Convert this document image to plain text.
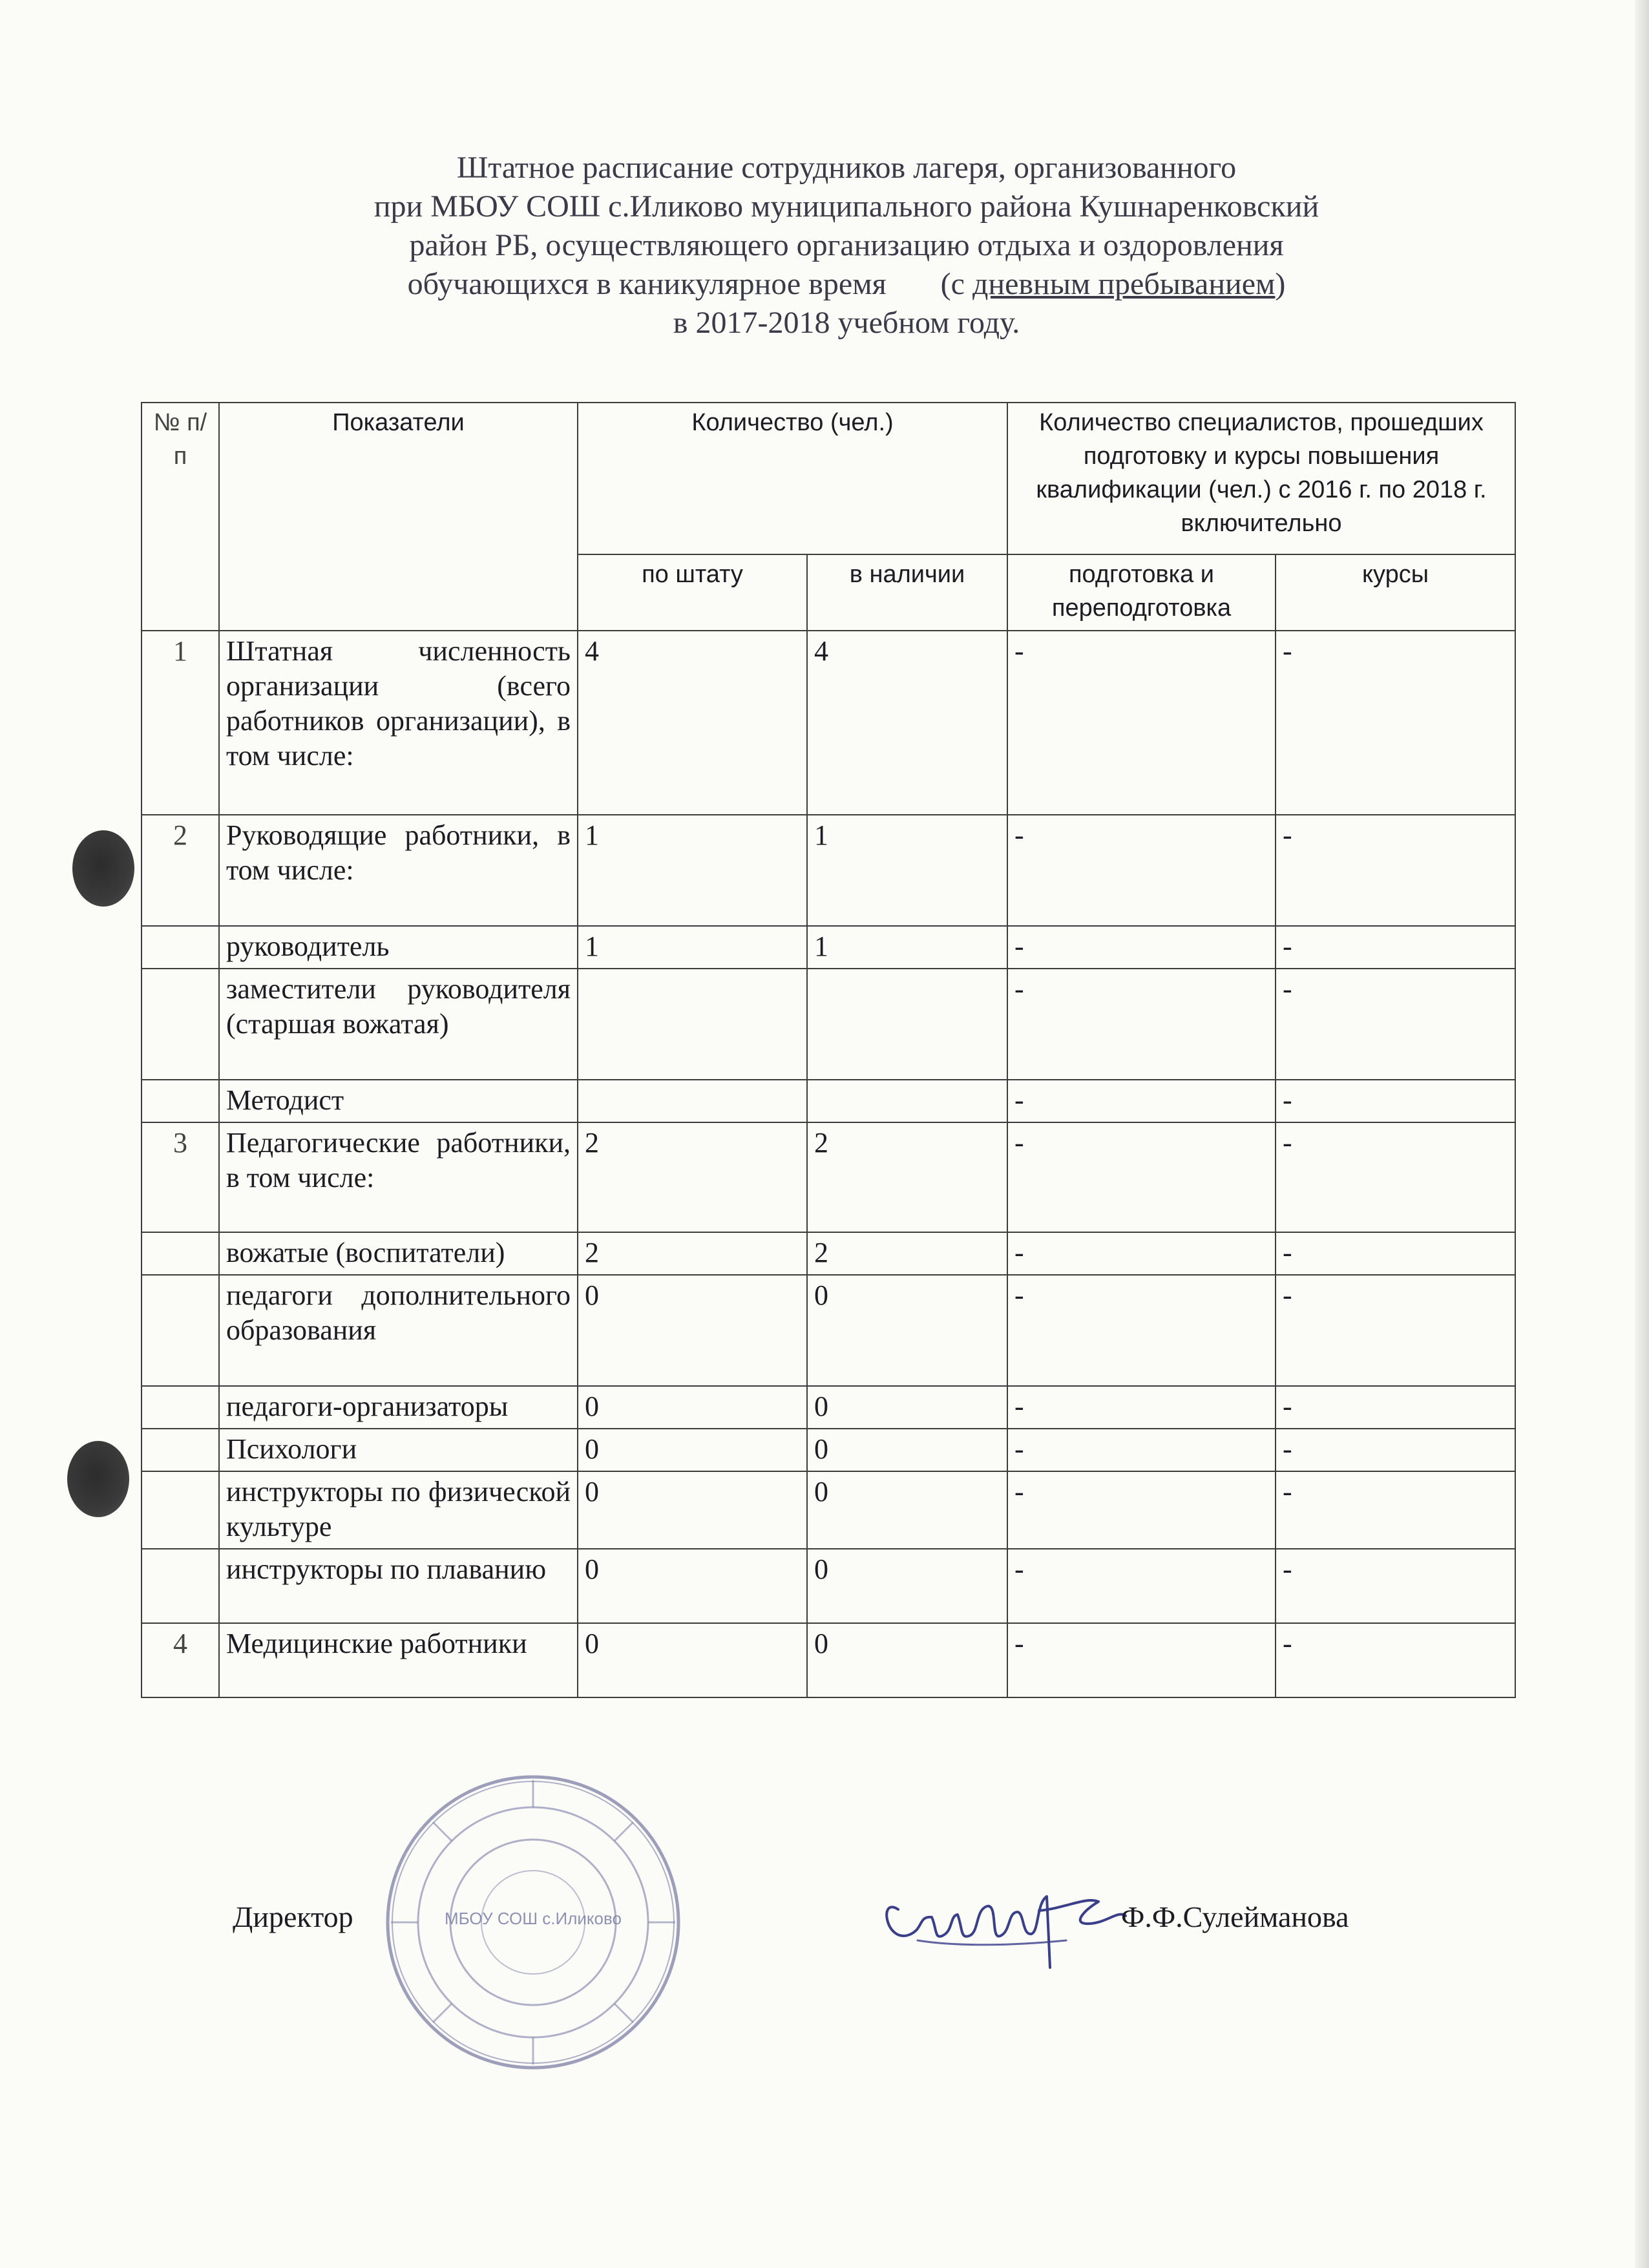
Штатное расписание сотрудников лагеря, организованного
при МБОУ СОШ с.Иликово муниципального района Кушнаренковский
район РБ, осуществляющего организацию отдыха и оздоровления
обучающихся в каникулярное время       (с дневным пребыванием)
в 2017-2018 учебном году.
№ п/п	Показатели	Количество (чел.)		Количество специалистов, прошедших подготовку и курсы повышения квалификации (чел.) с 2016 г. по 2018 г. включительно	
		по штату	в наличии	подготовка и переподготовка	курсы
1	Штатная численность организации (всего работников организации), в том числе:	4	4	-	-
2	Руководящие работники, в том числе:	1	1	-	-
	руководитель	1	1	-	-
	заместители руководителя (старшая вожатая)			-	-
	Методист			-	-
3	Педагогические работники, в том числе:	2	2	-	-
	вожатые (воспитатели)	2	2	-	-
	педагоги дополнительного образования	0	0	-	-
	педагоги-организаторы	0	0	-	-
	Психологи	0	0	-	-
	инструкторы по физической культуре	0	0	-	-
	инструкторы по плаванию	0	0	-	-
4	Медицинские работники	0	0	-	-
МБОУ СОШ с.Иликово
Директор	Ф.Ф.Сулейманова
